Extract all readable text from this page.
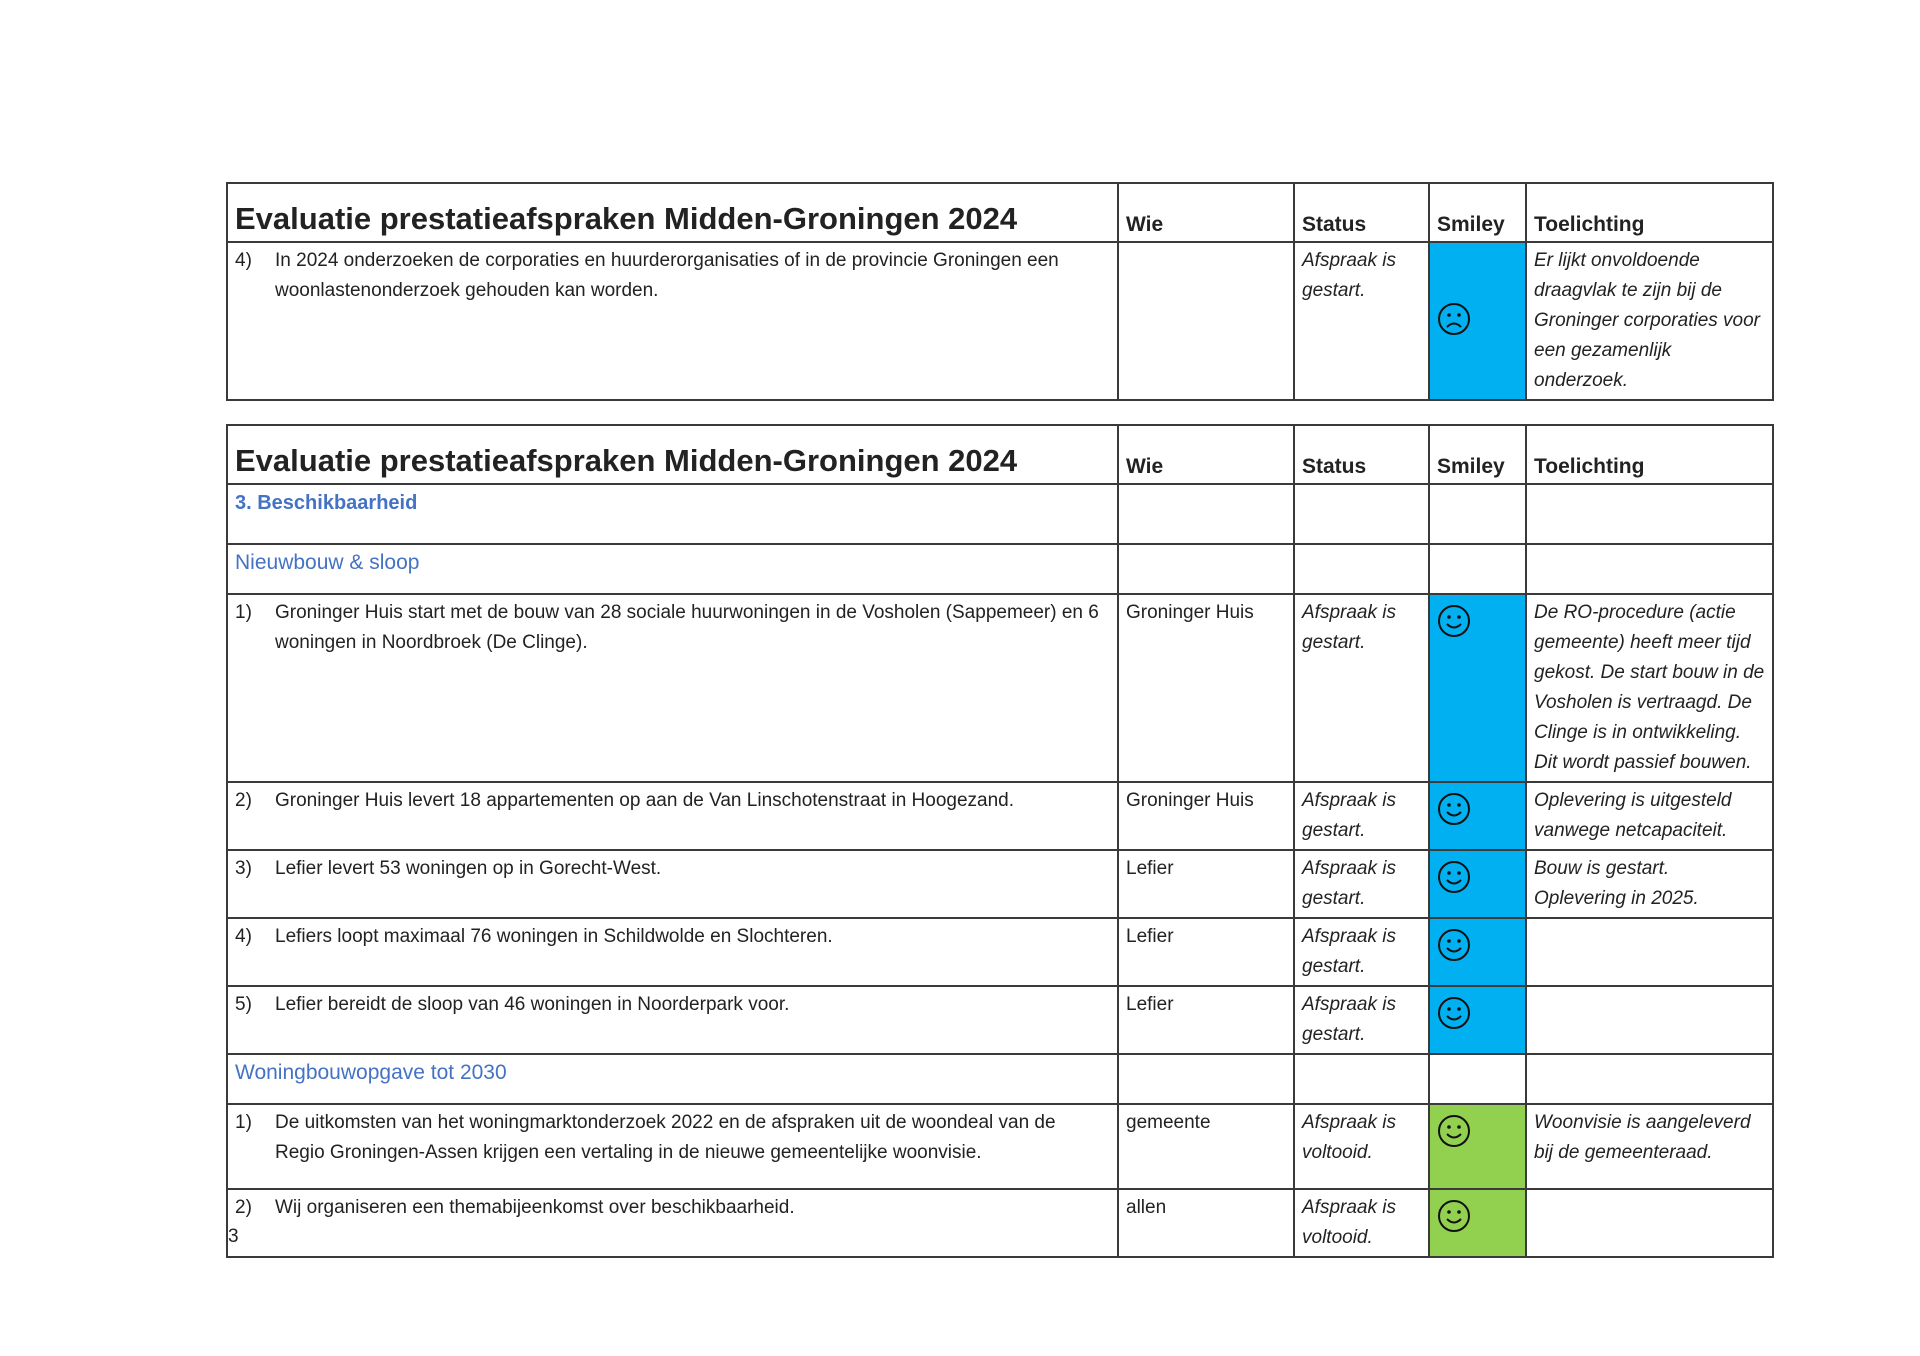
Evaluatie prestatieafspraken Midden-Groningen 2024	Wie	Status	Smiley	Toelichting

4) In 2024 onderzoeken de corporaties en huurderorganisaties of in de provincie Groningen een woonlastenonderzoek gehouden kan worden.		Afspraak is gestart.		Er lijkt onvoldoende draagvlak te zijn bij de Groninger corporaties voor een gezamenlijk onderzoek.
Evaluatie prestatieafspraken Midden-Groningen 2024	Wie	Status	Smiley	Toelichting
3. Beschikbaarheid				
Nieuwbouw & sloop				

1) Groninger Huis start met de bouw van 28 sociale huurwoningen in de Vosholen (Sappemeer) en 6 woningen in Noordbroek (De Clinge).	Groninger Huis	Afspraak is gestart.		De RO-procedure (actie gemeente) heeft meer tijd gekost. De start bouw in de Vosholen is vertraagd. De Clinge is in ontwikkeling. Dit wordt passief bouwen.

2) Groninger Huis levert 18 appartementen op aan de Van Linschotenstraat in Hoogezand.	Groninger Huis	Afspraak is gestart.		Oplevering is uitgesteld vanwege netcapaciteit.

3) Lefier levert 53 woningen op in Gorecht-West.	Lefier	Afspraak is gestart.		Bouw is gestart. Oplevering in 2025.

4) Lefiers loopt maximaal 76 woningen in Schildwolde en Slochteren.	Lefier	Afspraak is gestart.		

5) Lefier bereidt de sloop van 46 woningen in Noorderpark voor.	Lefier	Afspraak is gestart.		
Woningbouwopgave tot 2030				

1) De uitkomsten van het woningmarktonderzoek 2022 en de afspraken uit de woondeal van de Regio Groningen-Assen krijgen een vertaling in de nieuwe gemeentelijke woonvisie.	gemeente	Afspraak is voltooid.		Woonvisie is aangeleverd bij de gemeenteraad.

2) Wij organiseren een themabijeenkomst over beschikbaarheid.	allen	Afspraak is voltooid.		
3
